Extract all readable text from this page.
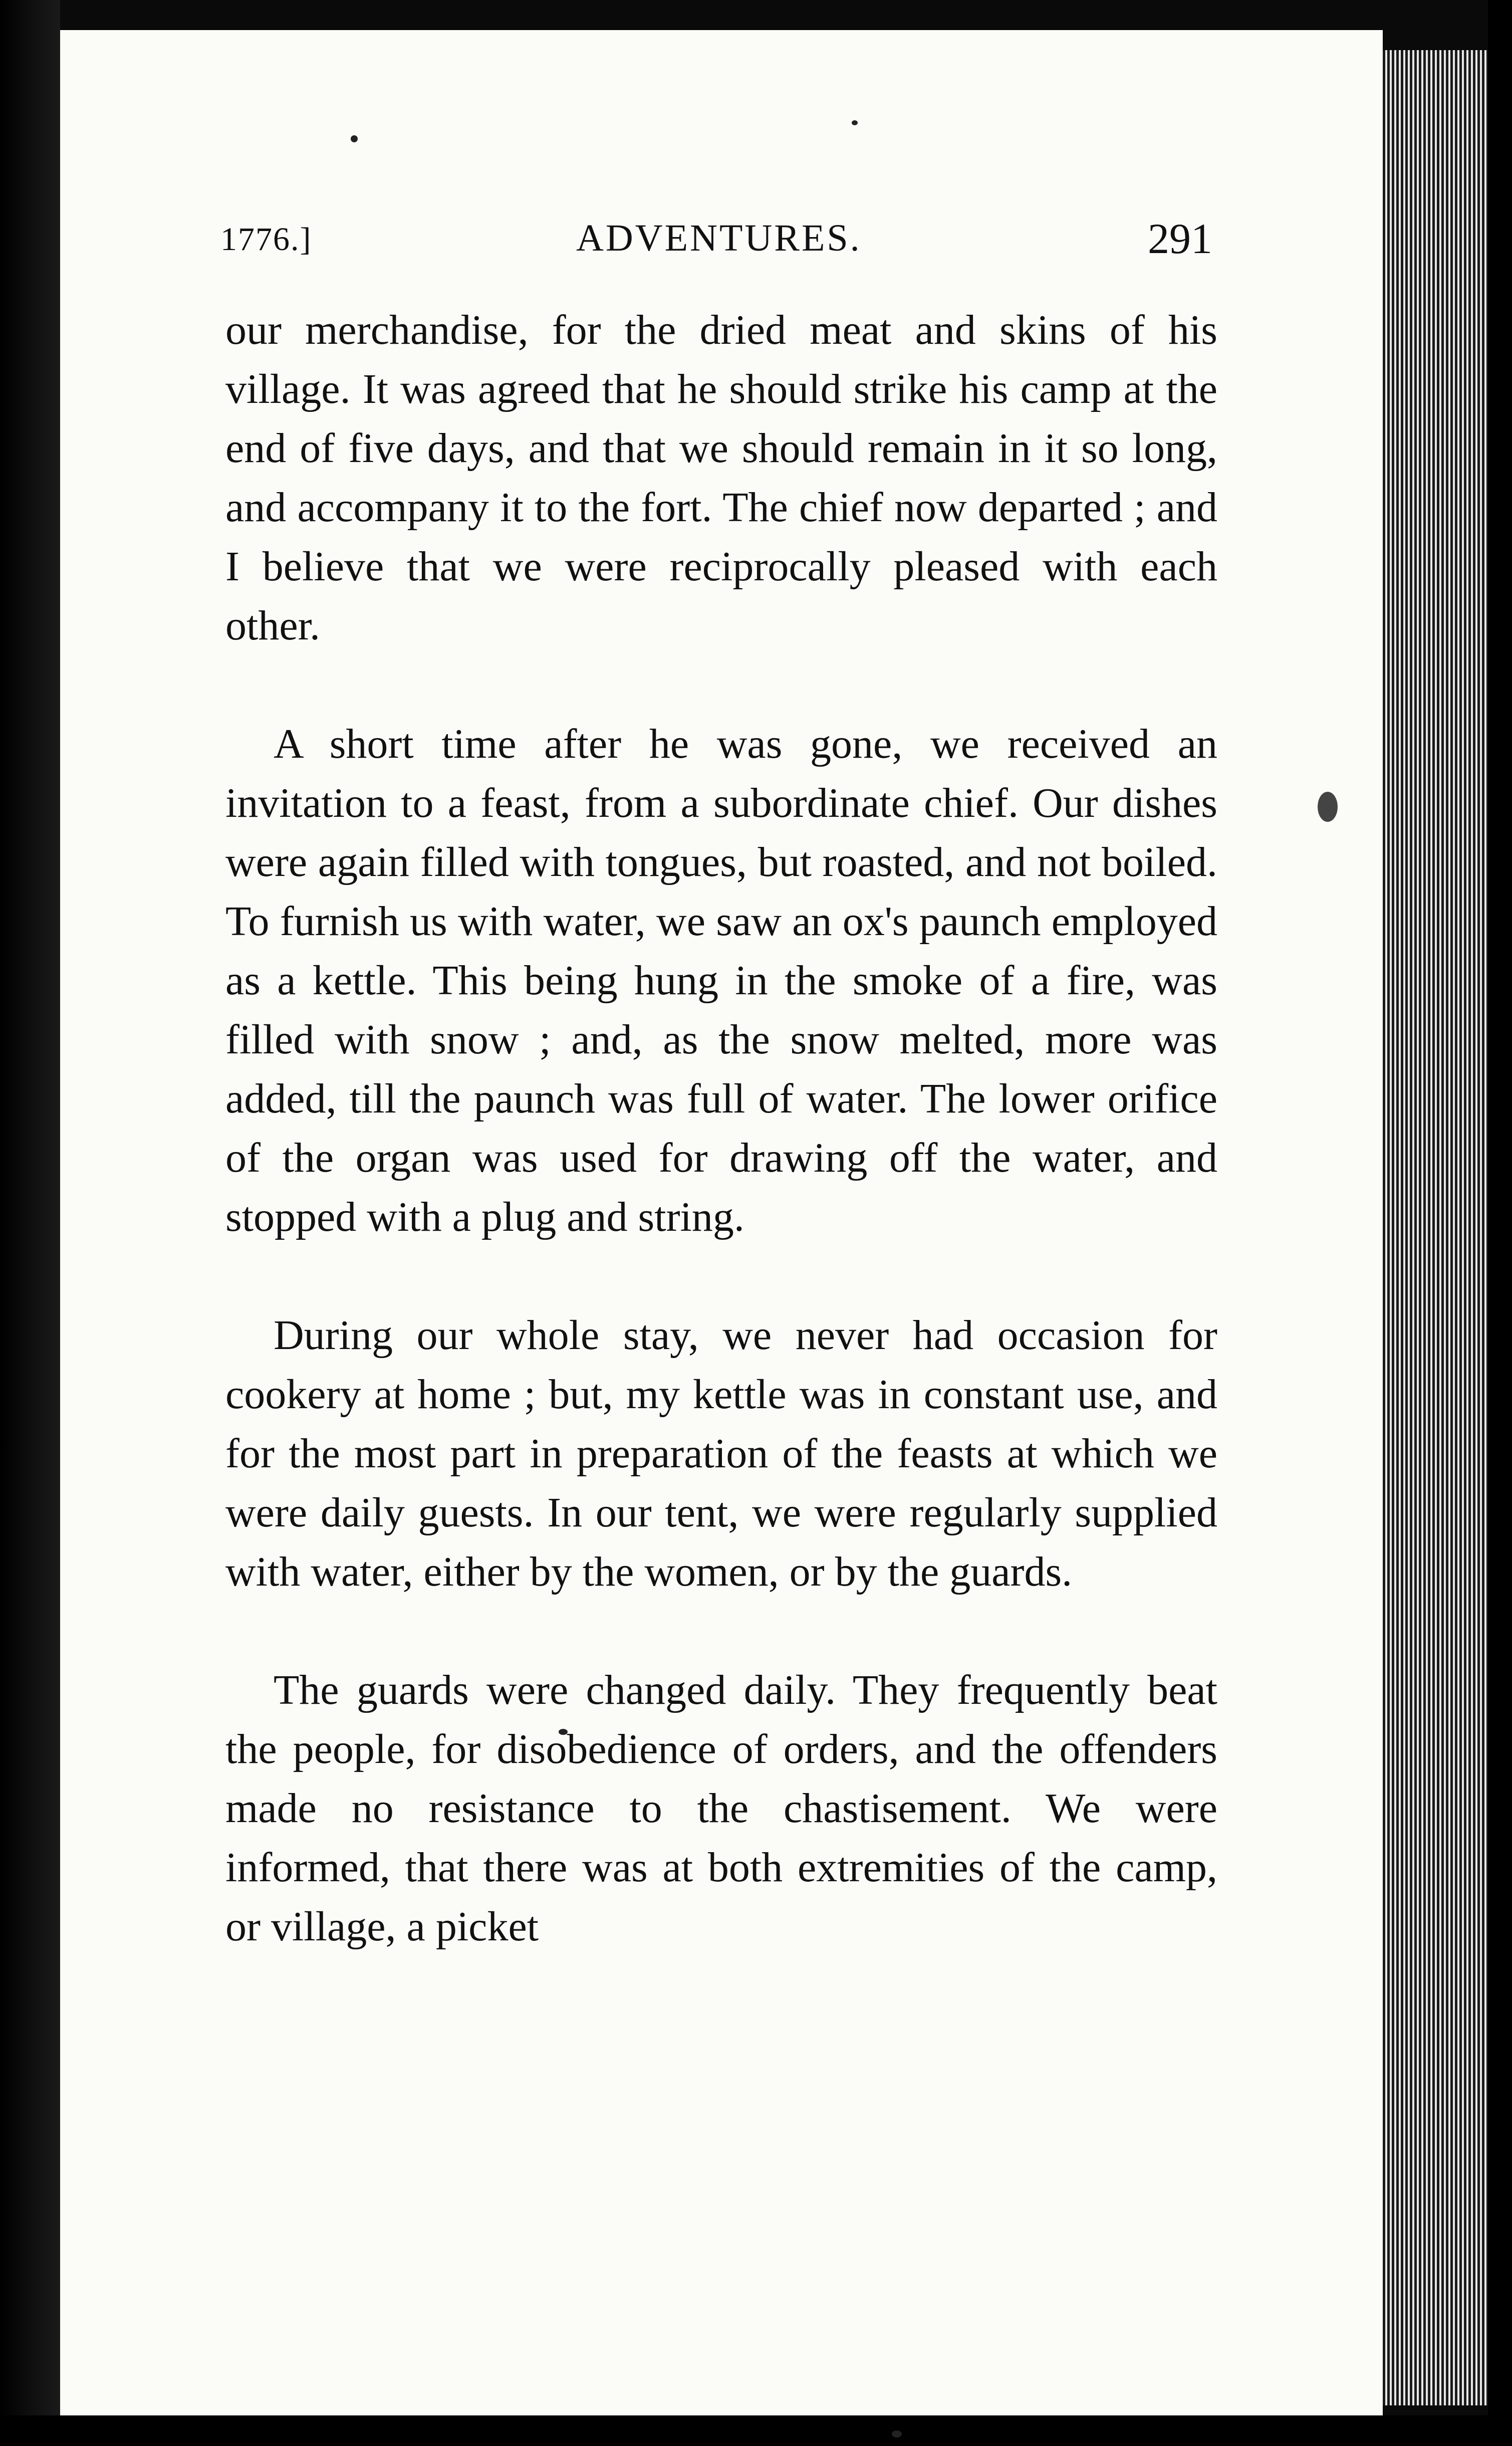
1776.]	ADVENTURES.	291

our merchandise, for the dried meat and skins of his village. It was agreed that he should strike his camp at the end of five days, and that we should remain in it so long, and accompany it to the fort. The chief now departed ; and I believe that we were reciprocally pleased with each other.

A short time after he was gone, we received an invitation to a feast, from a subordinate chief. Our dishes were again filled with tongues, but roasted, and not boiled. To furnish us with water, we saw an ox's paunch employed as a kettle. This being hung in the smoke of a fire, was filled with snow ; and, as the snow melted, more was added, till the paunch was full of water. The lower orifice of the organ was used for drawing off the water, and stopped with a plug and string.

During our whole stay, we never had occasion for cookery at home ; but, my kettle was in constant use, and for the most part in preparation of the feasts at which we were daily guests. In our tent, we were regularly supplied with water, either by the women, or by the guards.

The guards were changed daily. They frequently beat the people, for disobedience of orders, and the offenders made no resistance to the chastisement. We were informed, that there was at both extremities of the camp, or village, a picket
